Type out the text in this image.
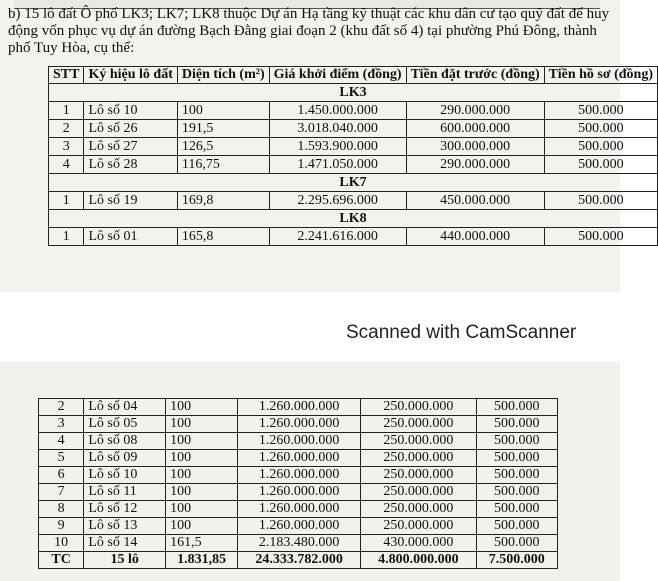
b) 15 lô đất Ô phố LK3; LK7; LK8 thuộc Dự án Hạ tầng kỹ thuật các khu dân cư tạo quỹ đất để huy động vốn phục vụ dự án đường Bạch Đằng giai đoạn 2 (khu đất số 4) tại phường Phú Đông, thành phố Tuy Hòa, cụ thể:
STT	Ký hiệu lô đất	Diện tích (m²)	Giá khởi điểm (đồng)	Tiền đặt trước (đồng)	Tiền hồ sơ (đồng)
LK3					
1	Lô số 10	100	1.450.000.000	290.000.000	500.000
2	Lô số 26	191,5	3.018.040.000	600.000.000	500.000
3	Lô số 27	126,5	1.593.900.000	300.000.000	500.000
4	Lô số 28	116,75	1.471.050.000	290.000.000	500.000
LK7					
1	Lô số 19	169,8	2.295.696.000	450.000.000	500.000
LK8					
1	Lô số 01	165,8	2.241.616.000	440.000.000	500.000
Scanned with CamScanner
2	Lô số 04	100	1.260.000.000	250.000.000	500.000
3	Lô số 05	100	1.260.000.000	250.000.000	500.000
4	Lô số 08	100	1.260.000.000	250.000.000	500.000
5	Lô số 09	100	1.260.000.000	250.000.000	500.000
6	Lô số 10	100	1.260.000.000	250.000.000	500.000
7	Lô số 11	100	1.260.000.000	250.000.000	500.000
8	Lô số 12	100	1.260.000.000	250.000.000	500.000
9	Lô số 13	100	1.260.000.000	250.000.000	500.000
10	Lô số 14	161,5	2.183.480.000	430.000.000	500.000
TC	15 lô	1.831,85	24.333.782.000	4.800.000.000	7.500.000
